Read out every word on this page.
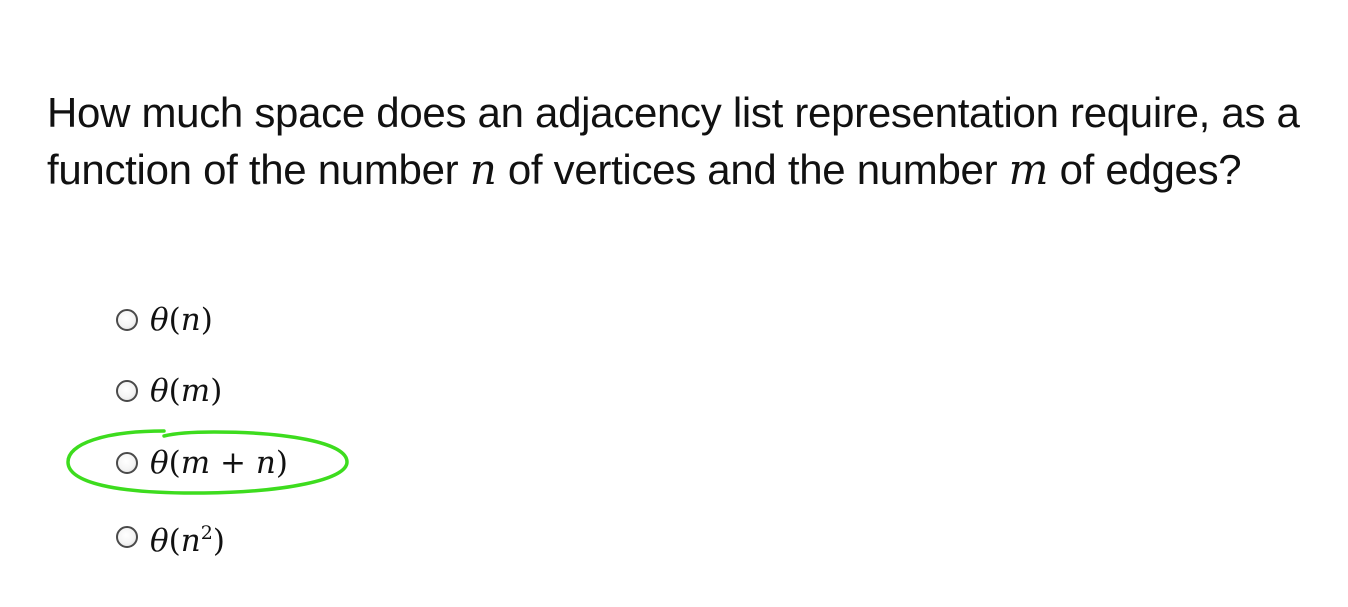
How much space does an adjacency list representation require, as a function of the number n of vertices and the number m of edges?
θ(n)
θ(m)
θ(m + n)
$\theta(n^2)$
